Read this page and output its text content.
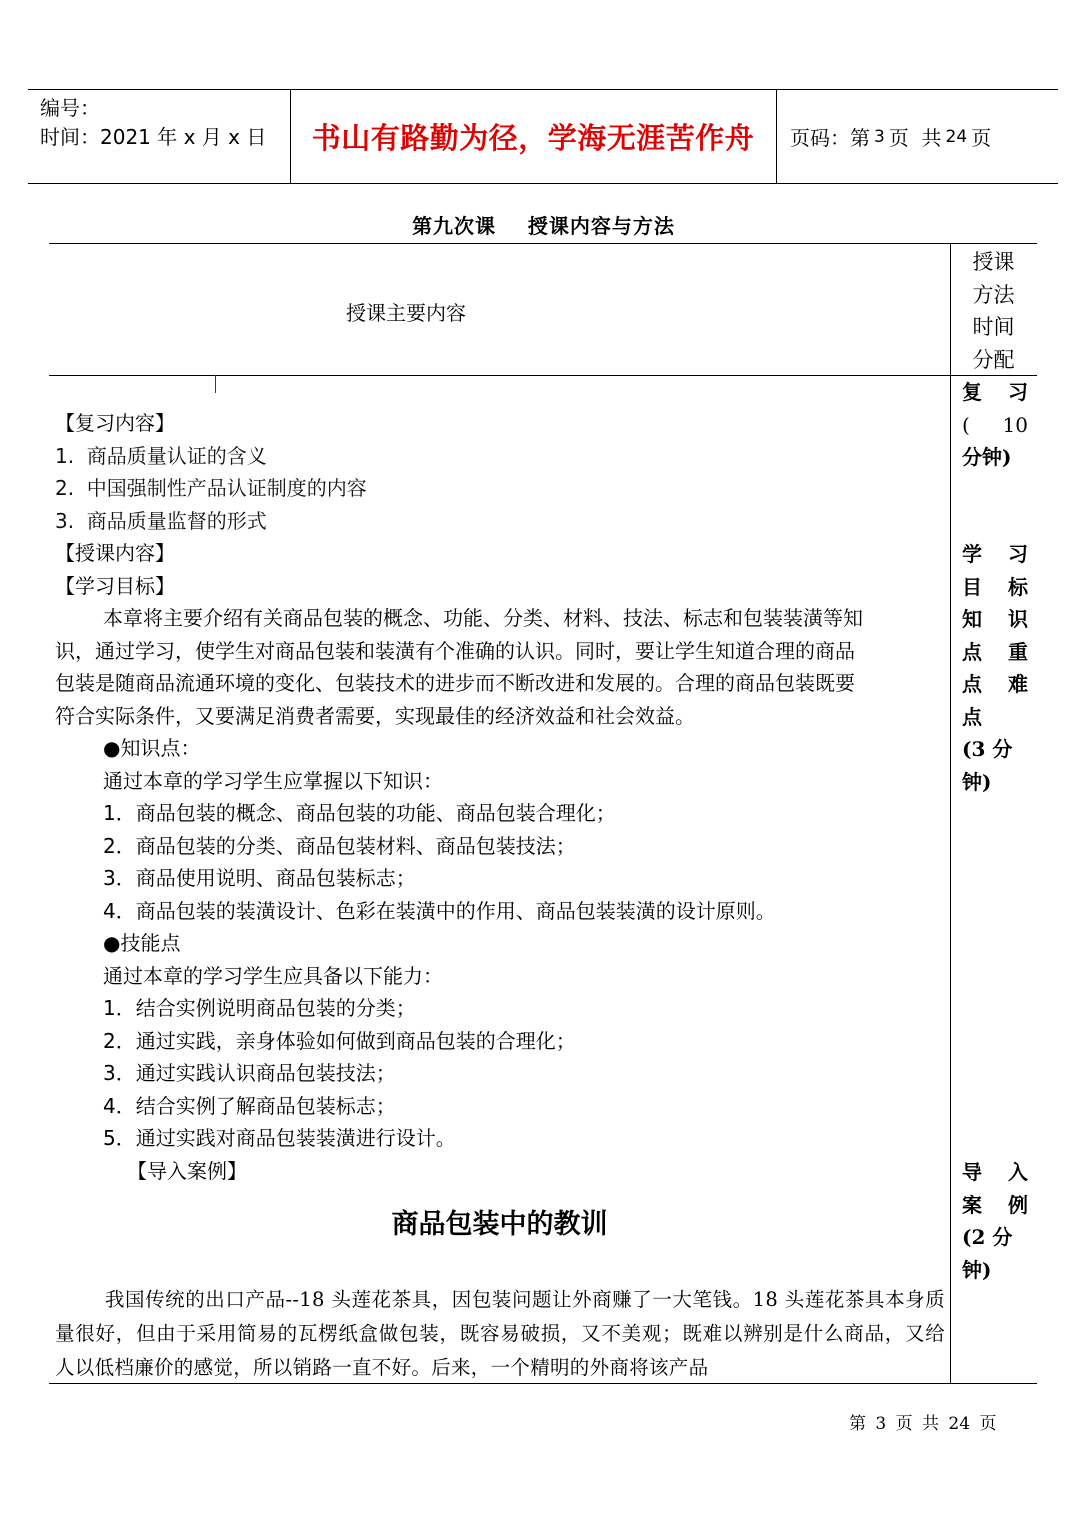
编号：
时间：2021 年 x 月 x 日	书山有路勤为径，学海无涯苦作舟	页码：第 3 页  共 24 页
第九次课    授课内容与方法
授课主要内容
授课
方法
时间
分配
【复习内容】
1.  商品质量认证的含义
2.  中国强制性产品认证制度的内容
3.  商品质量监督的形式
【授课内容】
【学习目标】
本章将主要介绍有关商品包装的概念、功能、分类、材料、技法、标志和包装装潢等知
识，通过学习，使学生对商品包装和装潢有个准确的认识。同时，要让学生知道合理的商品
包装是随商品流通环境的变化、包装技术的进步而不断改进和发展的。合理的商品包装既要
符合实际条件，又要满足消费者需要，实现最佳的经济效益和社会效益。
●知识点：
通过本章的学习学生应掌握以下知识：
1．商品包装的概念、商品包装的功能、商品包装合理化；
2．商品包装的分类、商品包装材料、商品包装技法；
3．商品使用说明、商品包装标志；
4．商品包装的装潢设计、色彩在装潢中的作用、商品包装装潢的设计原则。
●技能点
通过本章的学习学生应具备以下能力：
1．结合实例说明商品包装的分类；
2．通过实践，亲身体验如何做到商品包装的合理化；
3．通过实践认识商品包装技法；
4．结合实例了解商品包装标志；
5．通过实践对商品包装装潢进行设计。
【导入案例】
商品包装中的教训
我国传统的出口产品--18 头莲花茶具，因包装问题让外商赚了一大笔钱。18 头莲花茶具本身质量很好，但由于采用简易的瓦楞纸盒做包装，既容易破损，又不美观；既难以辨别是什么商品，又给人以低档廉价的感觉，所以销路一直不好。后来，一个精明的外商将该产品
复 习
( 10
分钟)
学 习
目 标
知 识
点 重
点 难
点
(3 分
钟)
导 入
案 例
(2 分
钟)
第 3 页 共 24 页
